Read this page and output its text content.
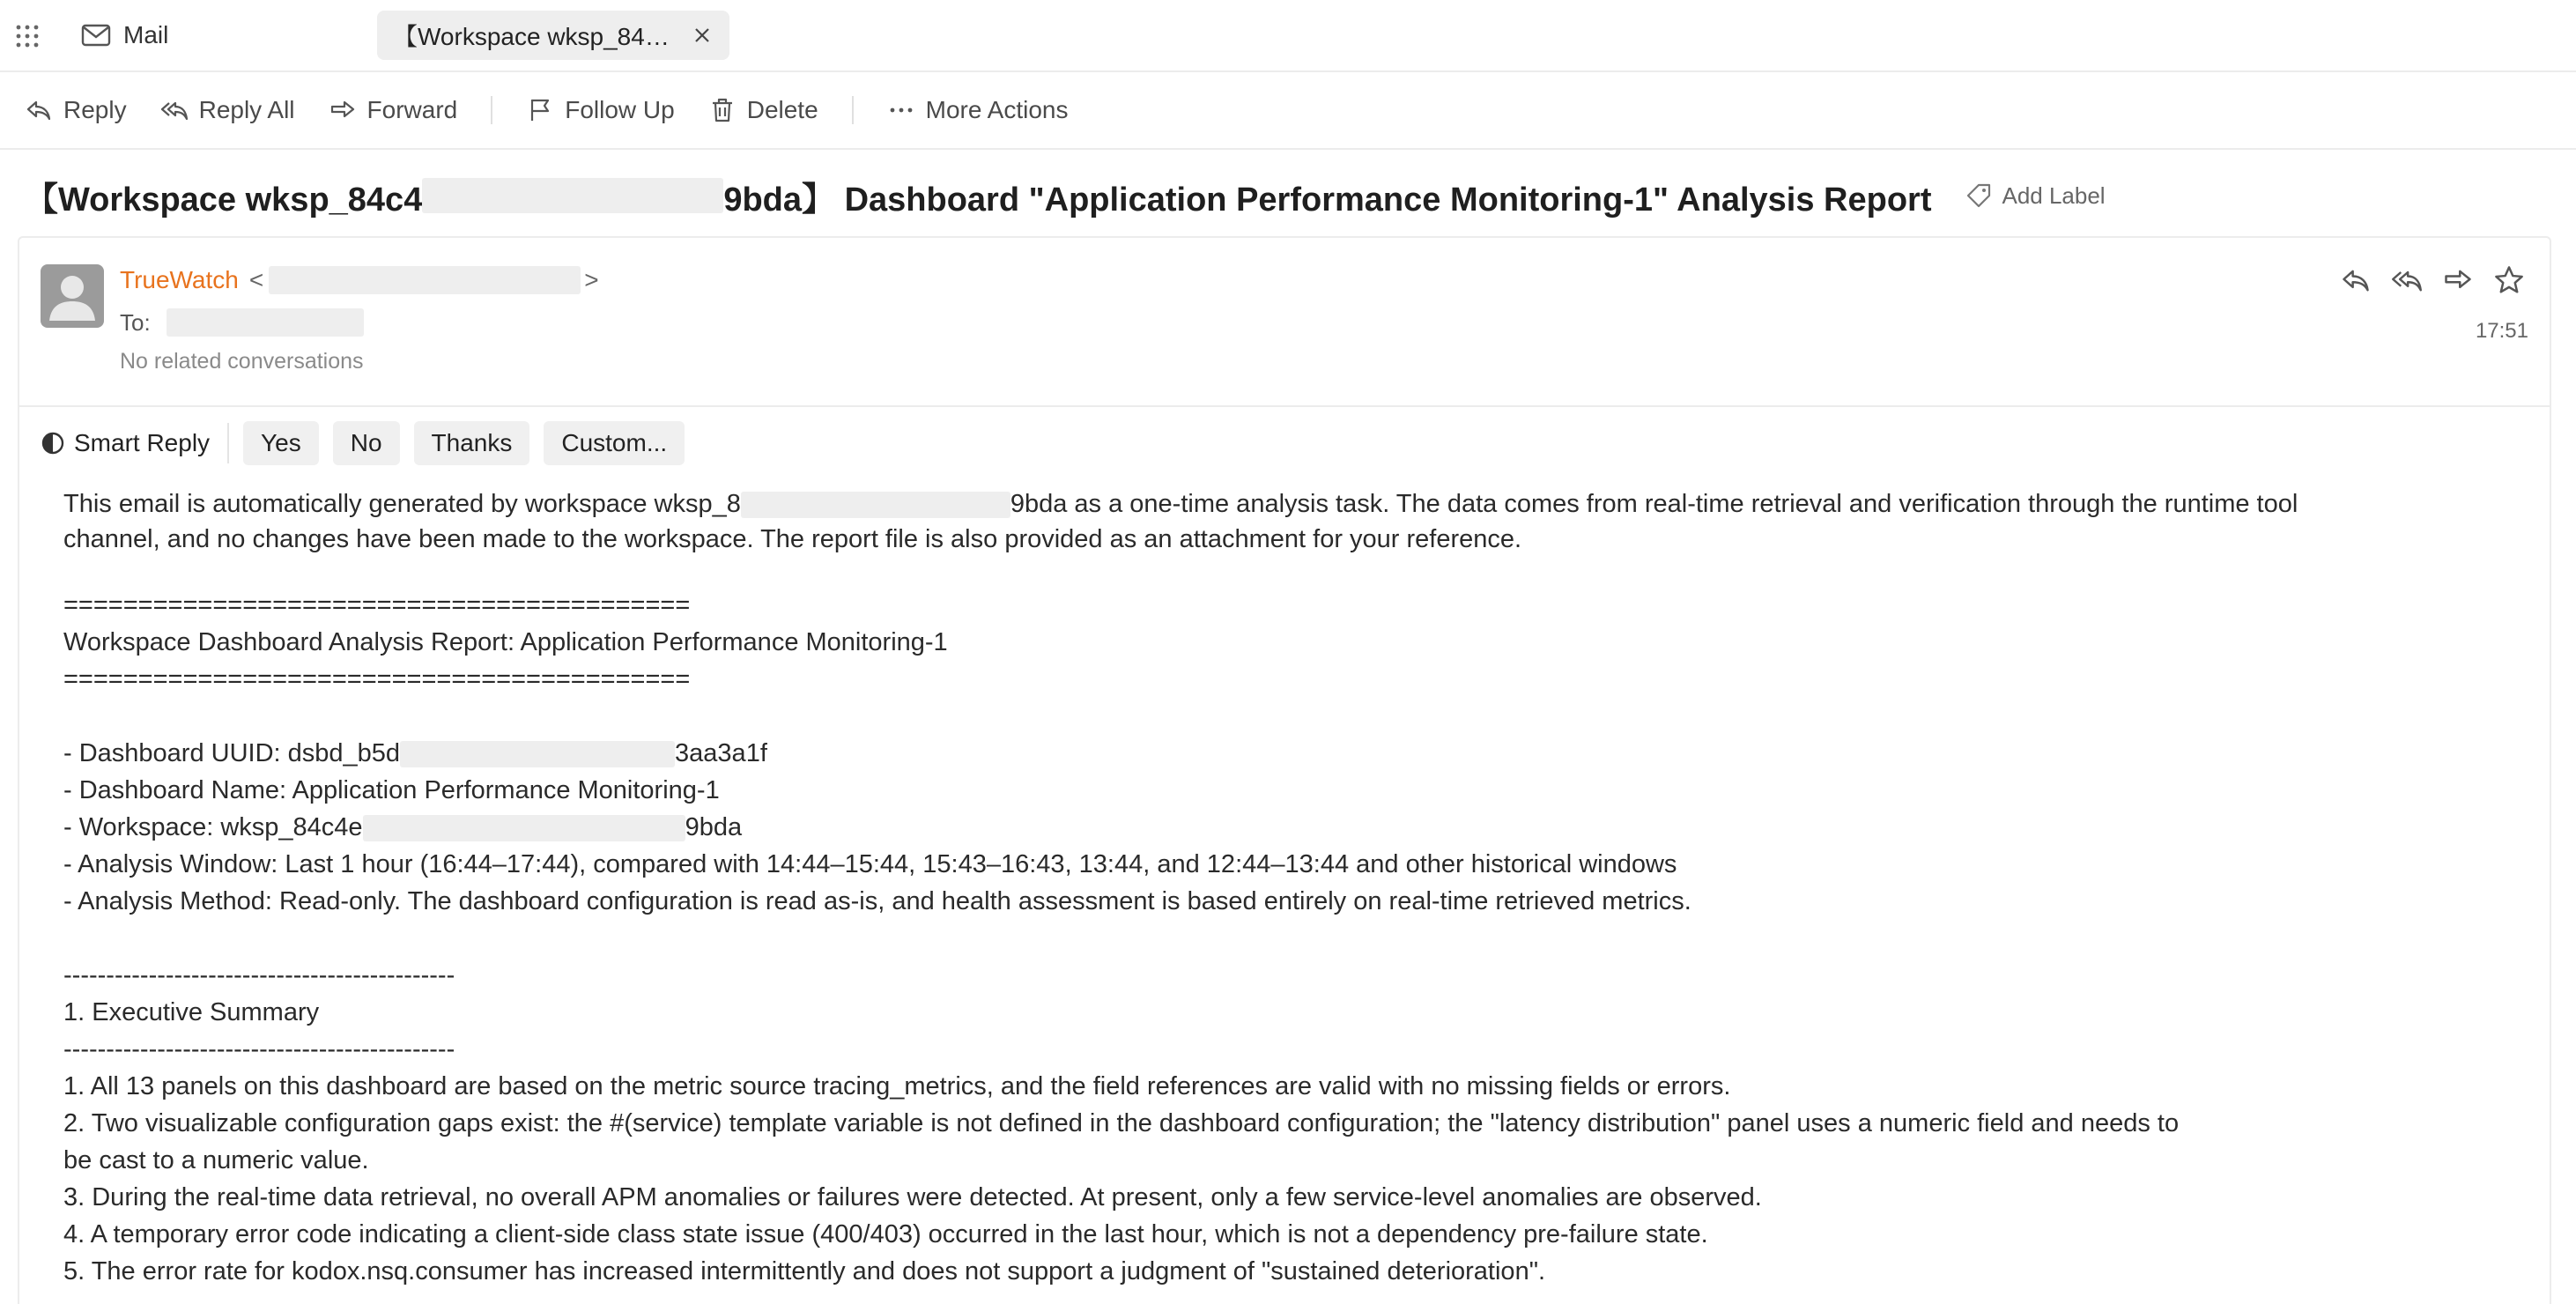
Mail	【Workspace wksp_84…
Reply	Reply All	Forward	Follow Up	Delete	More Actions
【Workspace wksp_84c4	9bda】 Dashboard "Application Performance Monitoring-1" Analysis Report	Add Label
TrueWatch <	>
To:
No related conversations
17:51
Smart Reply	Yes	No	Thanks	Custom...
This email is automatically generated by workspace wksp_8	9bda as a one-time analysis task. The data comes from real-time retrieval and verification through the runtime tool
channel, and no changes have been made to the workspace. The report file is also provided as an attachment for your reference.
==========================================
Workspace Dashboard Analysis Report: Application Performance Monitoring-1
==========================================
- Dashboard UUID: dsbd_b5d	3aa3a1f
- Dashboard Name: Application Performance Monitoring-1
- Workspace: wksp_84c4e	9bda
- Analysis Window: Last 1 hour (16:44–17:44), compared with 14:44–15:44, 15:43–16:43, 13:44, and 12:44–13:44 and other historical windows
- Analysis Method: Read-only. The dashboard configuration is read as-is, and health assessment is based entirely on real-time retrieved metrics.
----------------------------------------------
1. Executive Summary
----------------------------------------------
1. All 13 panels on this dashboard are based on the metric source tracing_metrics, and the field references are valid with no missing fields or errors.
2. Two visualizable configuration gaps exist: the #(service) template variable is not defined in the dashboard configuration; the "latency distribution" panel uses a numeric field and needs to
be cast to a numeric value.
3. During the real-time data retrieval, no overall APM anomalies or failures were detected. At present, only a few service-level anomalies are observed.
4. A temporary error code indicating a client-side class state issue (400/403) occurred in the last hour, which is not a dependency pre-failure state.
5. The error rate for kodox.nsq.consumer has increased intermittently and does not support a judgment of "sustained deterioration".
